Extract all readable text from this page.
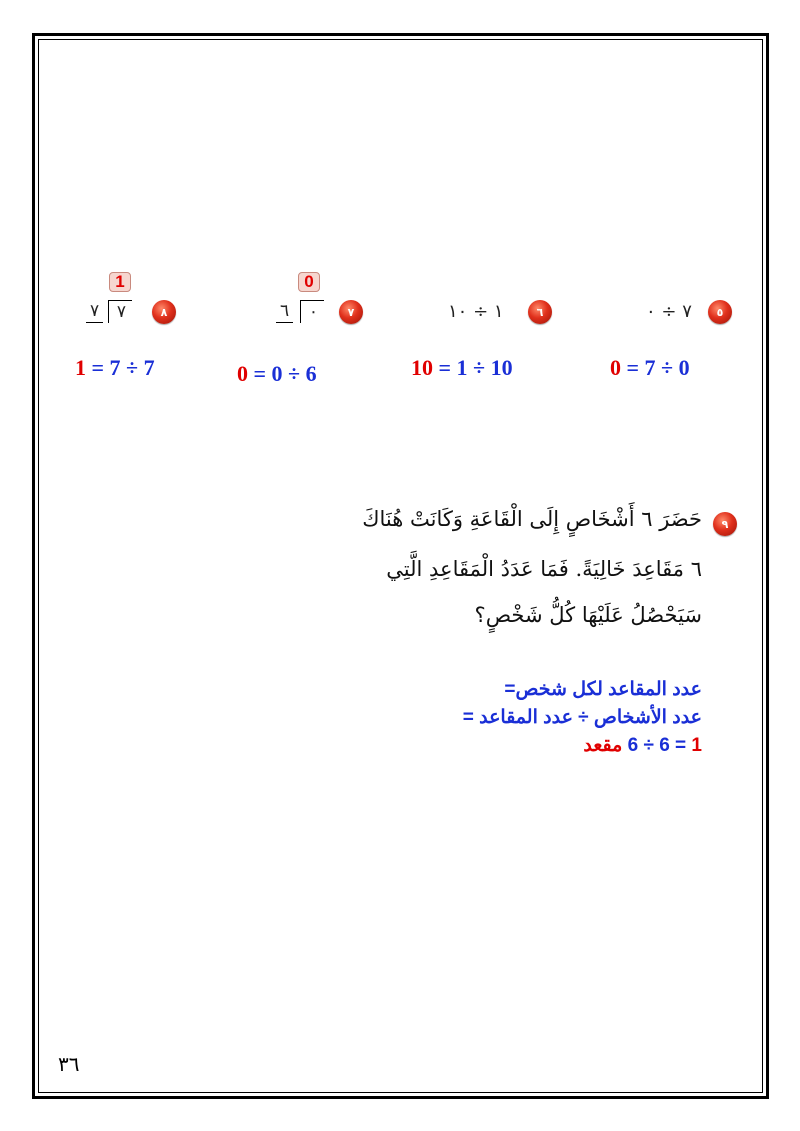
٥
٧ ÷ ٠
0 = 7 ÷ 0
٦
١ ÷ ١٠
10 = 1 ÷ 10
٧
0
٠
٦
0 = 0 ÷ 6
٨
1
٧
٧
1 = 7 ÷ 7
٩
حَضَرَ ٦ أَشْخَاصٍ إِلَى الْقَاعَةِ وَكَانَتْ هُنَاكَ
٦ مَقَاعِدَ خَالِيَةً. فَمَا عَدَدُ الْمَقَاعِدِ الَّتِي
سَيَحْصُلُ عَلَيْهَا كُلُّ شَخْصٍ؟
عدد المقاعد لكل شخص=
عدد الأشخاص ÷ عدد المقاعد =
6 ÷ 6 = 1 مقعد
٣٦
